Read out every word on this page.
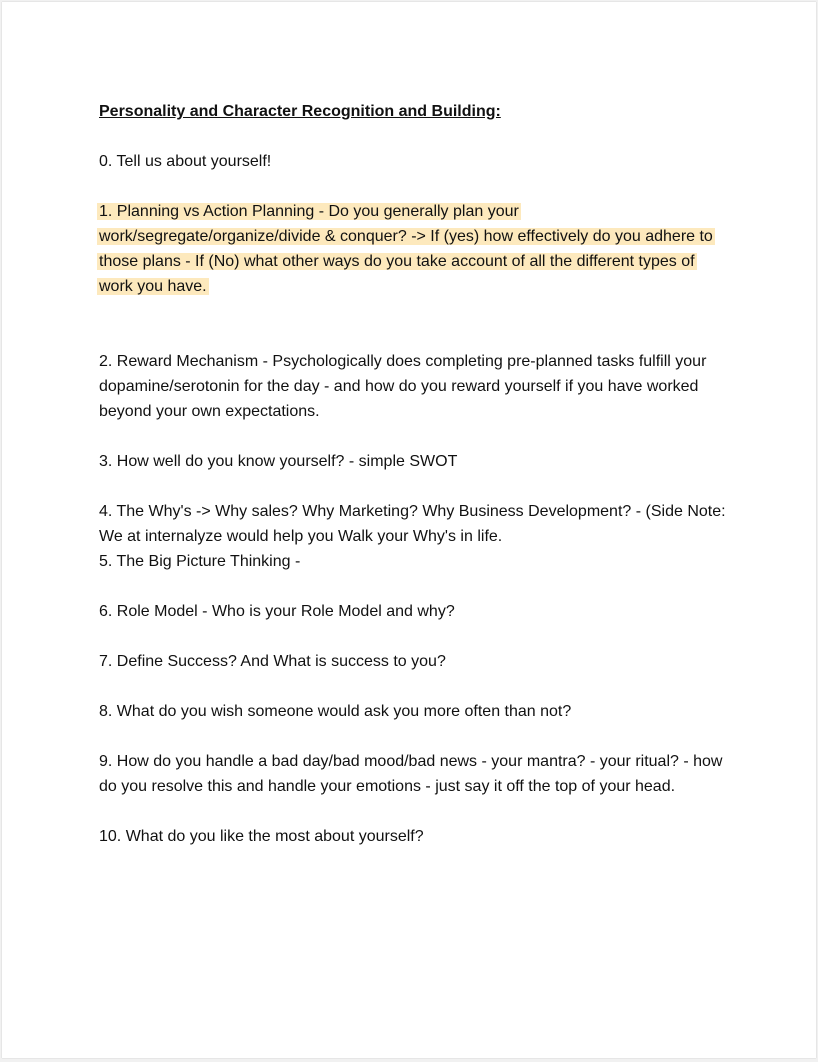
Personality and Character Recognition and Building:

0. Tell us about yourself!

1. Planning vs Action Planning - Do you generally plan your work/segregate/organize/divide & conquer? -> If (yes) how effectively do you adhere to those plans - If (No) what other ways do you take account of all the different types of work you have.

2. Reward Mechanism - Psychologically does completing pre-planned tasks fulfill your dopamine/serotonin for the day - and how do you reward yourself if you have worked beyond your own expectations.

3. How well do you know yourself? - simple SWOT

4. The Why's -> Why sales? Why Marketing? Why Business Development? - (Side Note: We at internalyze would help you Walk your Why's in life.

5. The Big Picture Thinking -

6. Role Model - Who is your Role Model and why?

7. Define Success? And What is success to you?

8. What do you wish someone would ask you more often than not?

9. How do you handle a bad day/bad mood/bad news - your mantra? - your ritual? - how do you resolve this and handle your emotions - just say it off the top of your head.

10. What do you like the most about yourself?
